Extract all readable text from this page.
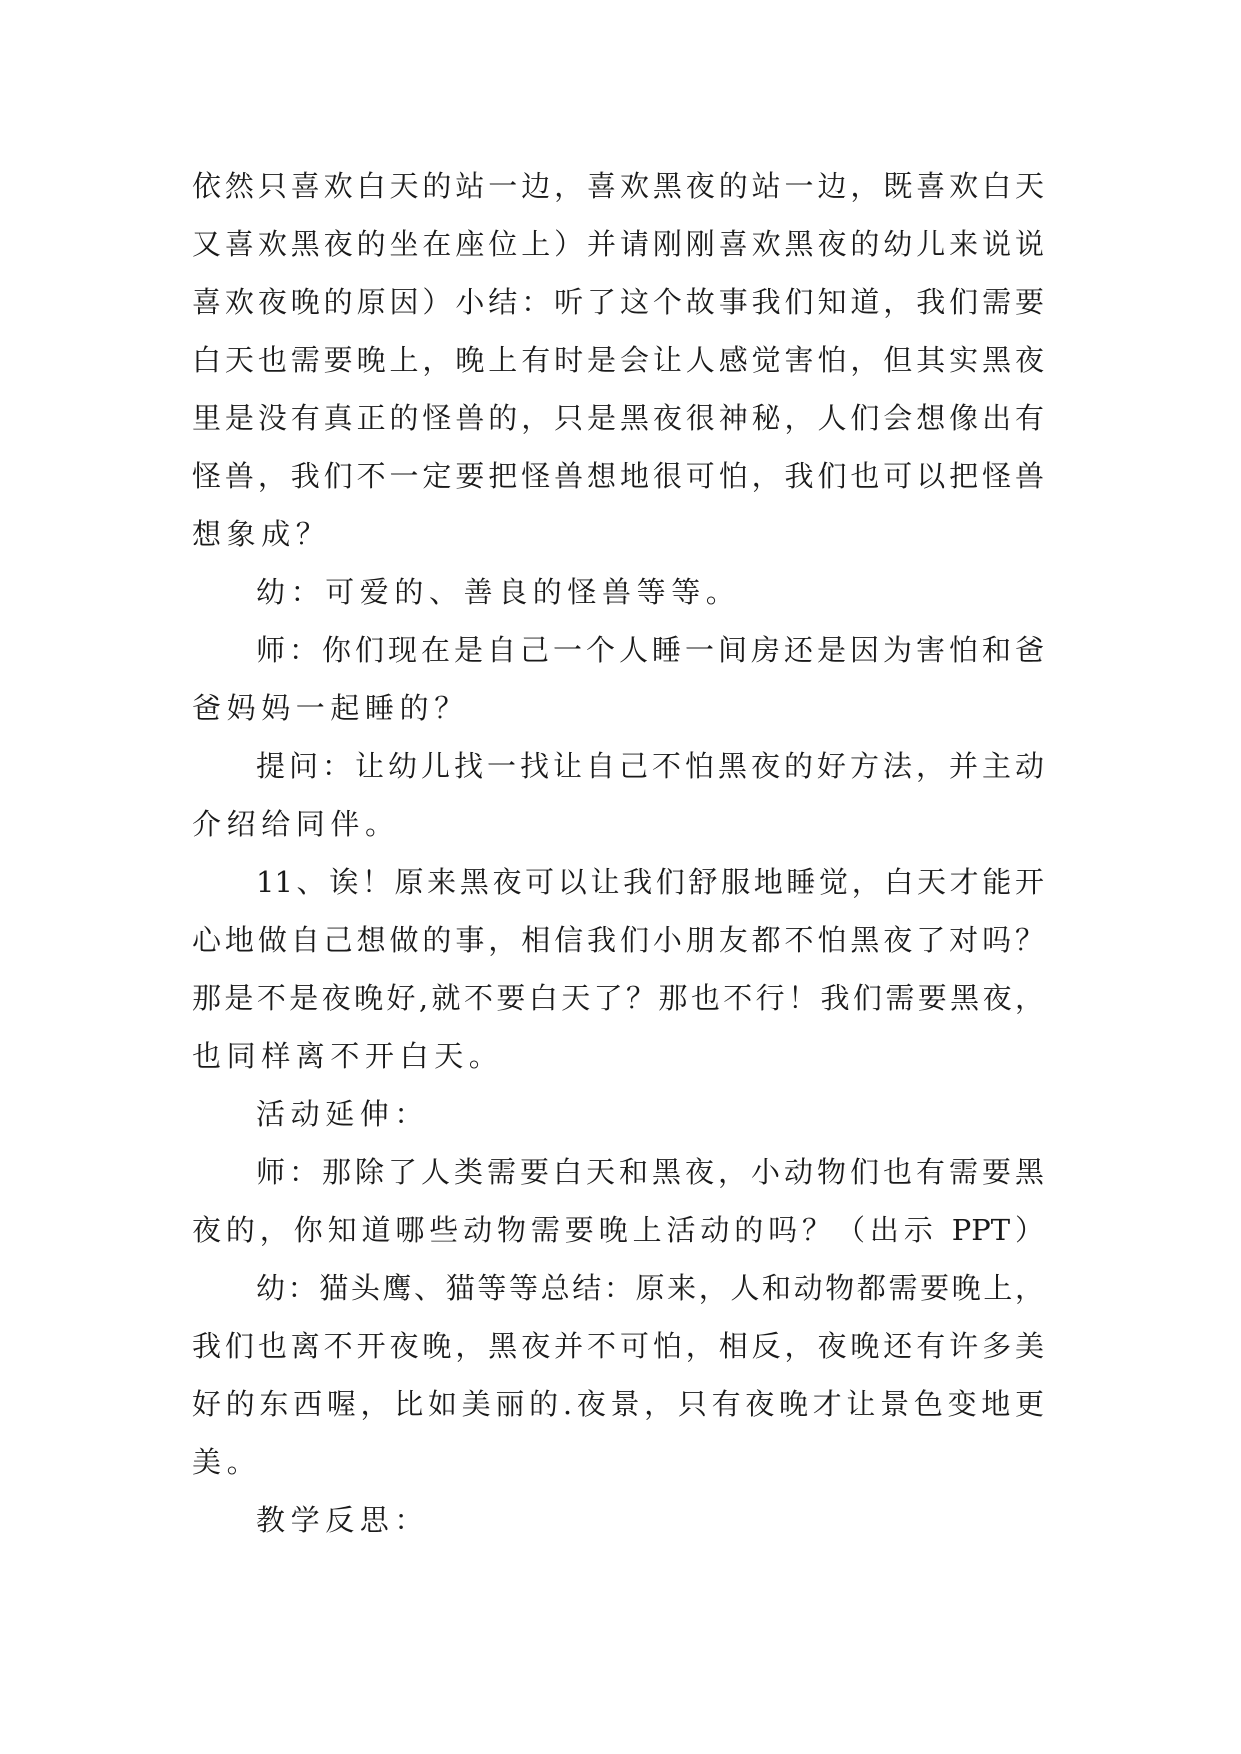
依然只喜欢白天的站一边，喜欢黑夜的站一边，既喜欢白天
又喜欢黑夜的坐在座位上）并请刚刚喜欢黑夜的幼儿来说说
喜欢夜晚的原因）小结：听了这个故事我们知道，我们需要
白天也需要晚上，晚上有时是会让人感觉害怕，但其实黑夜
里是没有真正的怪兽的，只是黑夜很神秘，人们会想像出有
怪兽，我们不一定要把怪兽想地很可怕，我们也可以把怪兽
想象成？
幼：可爱的、善良的怪兽等等。
师：你们现在是自己一个人睡一间房还是因为害怕和爸
爸妈妈一起睡的？
提问：让幼儿找一找让自己不怕黑夜的好方法，并主动
介绍给同伴。
11、诶！原来黑夜可以让我们舒服地睡觉，白天才能开
心地做自己想做的事，相信我们小朋友都不怕黑夜了对吗？
那是不是夜晚好,就不要白天了？那也不行！我们需要黑夜，
也同样离不开白天。
活动延伸：
师：那除了人类需要白天和黑夜，小动物们也有需要黑
夜的，你知道哪些动物需要晚上活动的吗？（出示 PPT）
幼：猫头鹰、猫等等总结：原来，人和动物都需要晚上，
我们也离不开夜晚，黑夜并不可怕，相反，夜晚还有许多美
好的东西喔，比如美丽的.夜景，只有夜晚才让景色变地更
美。
教学反思：
